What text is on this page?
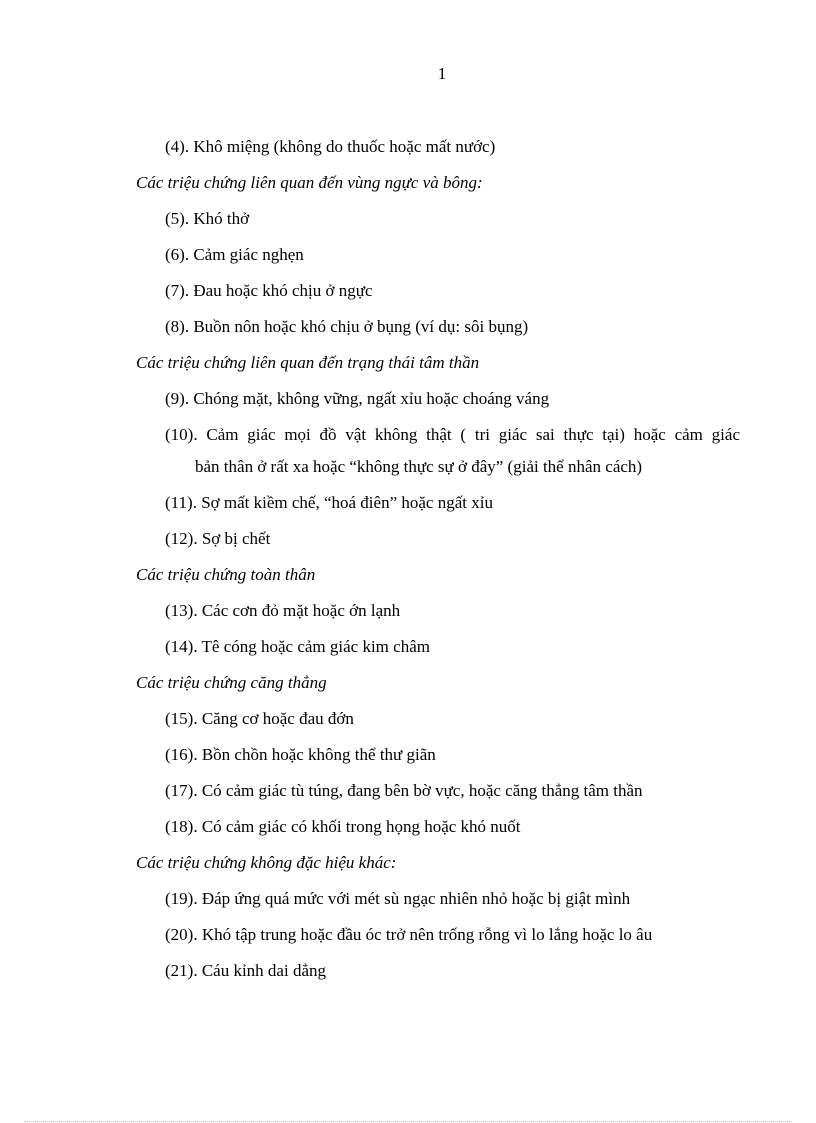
1

(4). Khô miệng (không do thuốc hoặc mất nước)

Các triệu chứng liên quan đến vùng ngực và bông:

(5). Khó thở

(6). Cảm giác nghẹn

(7). Đau hoặc khó chịu ở ngực

(8). Buồn nôn hoặc khó chịu ở bụng (ví dụ: sôi bụng)

Các triệu chứng liên quan đến trạng thái tâm thần

(9). Chóng mặt, không vững, ngất xỉu hoặc choáng váng

(10). Cảm giác mọi đồ vật không thật ( tri giác sai thực tại) hoặc cảm giác
bản thân ở rất xa hoặc “không thực sự ở đây” (giải thể nhân cách)

(11). Sợ mất kiềm chế, “hoá điên” hoặc ngất xỉu

(12). Sợ bị chết

Các triệu chứng toàn thân

(13). Các cơn đỏ mặt hoặc ớn lạnh

(14). Tê cóng hoặc cảm giác kim châm

Các triệu chứng căng thẳng

(15). Căng cơ hoặc đau đớn

(16). Bồn chồn hoặc không thể thư giãn

(17). Có cảm giác tù túng, đang bên bờ vực, hoặc căng thẳng tâm thần

(18). Có cảm giác có khối trong họng hoặc khó nuốt

Các triệu chứng không đặc hiệu khác:

(19). Đáp ứng quá mức với mét sù ngạc nhiên nhỏ hoặc bị giật mình

(20). Khó tập trung hoặc đầu óc trở nên trống rỗng vì lo lắng hoặc lo âu

(21). Cáu kỉnh dai dẳng
